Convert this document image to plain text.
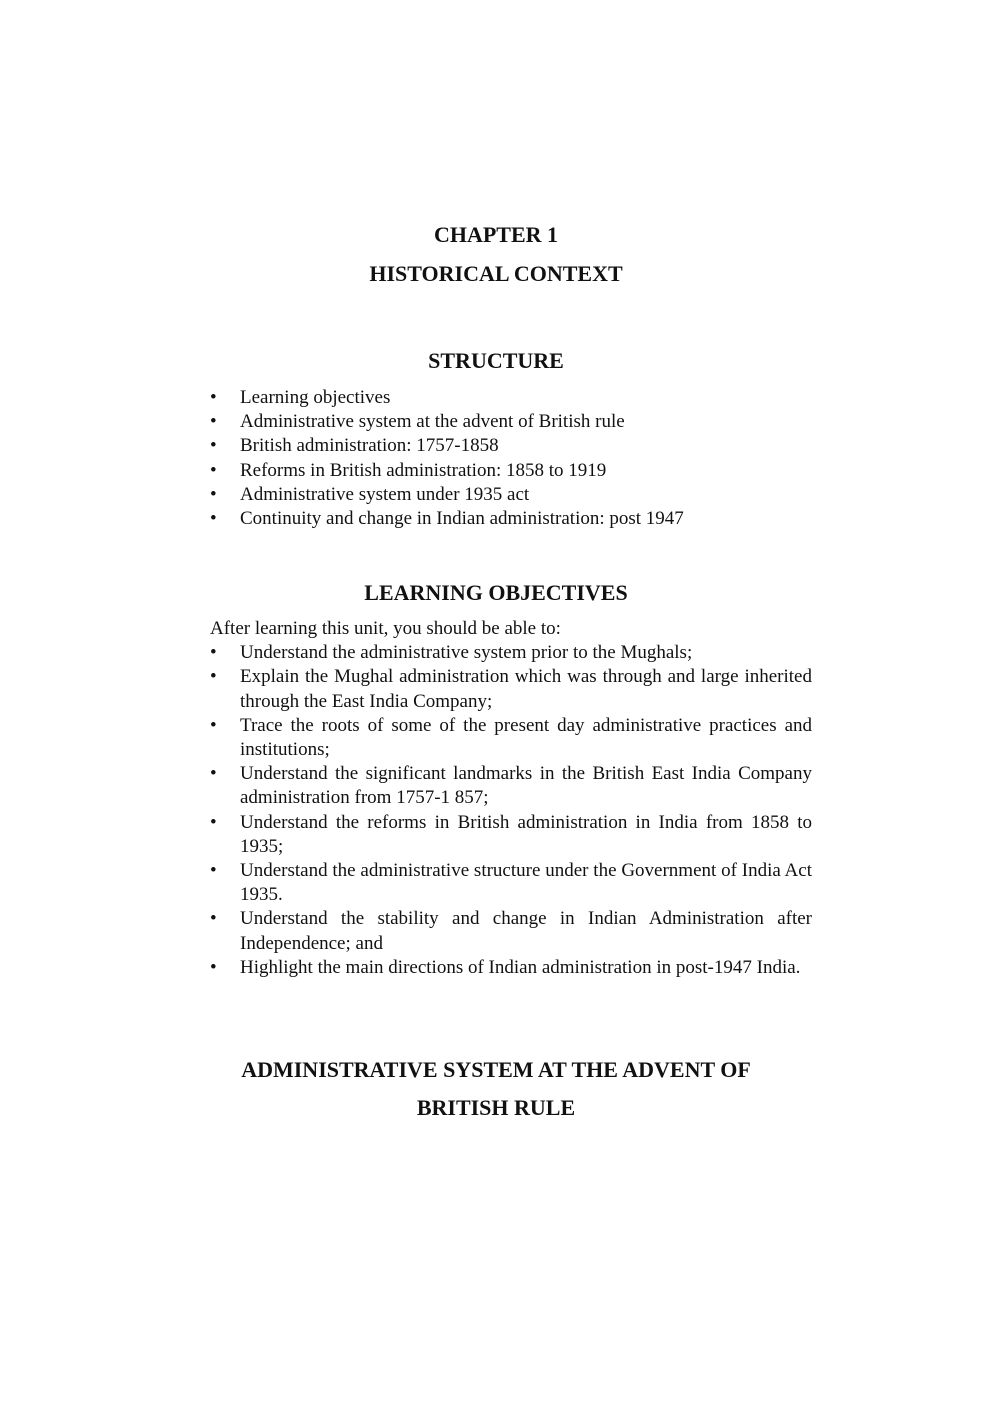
CHAPTER 1
HISTORICAL CONTEXT
STRUCTURE
• Learning objectives
• Administrative system at the advent of British rule
• British administration: 1757-1858
• Reforms in British administration: 1858 to 1919
• Administrative system under 1935 act
• Continuity and change in Indian administration: post 1947
LEARNING OBJECTIVES

After learning this unit, you should be able to:

• Understand the administrative system prior to the Mughals;
• Explain the Mughal administration which was through and large inherited through the East India Company;
• Trace the roots of some of the present day administrative practices and institutions;
• Understand the significant landmarks in the British East India Company administration from 1757-1 857;
• Understand the reforms in British administration in India from 1858 to 1935;
• Understand the administrative structure under the Government of India Act 1935.
• Understand the stability and change in Indian Administration after Independence; and
• Highlight the main directions of Indian administration in post-1947 India.
ADMINISTRATIVE SYSTEM AT THE ADVENT OF
BRITISH RULE
